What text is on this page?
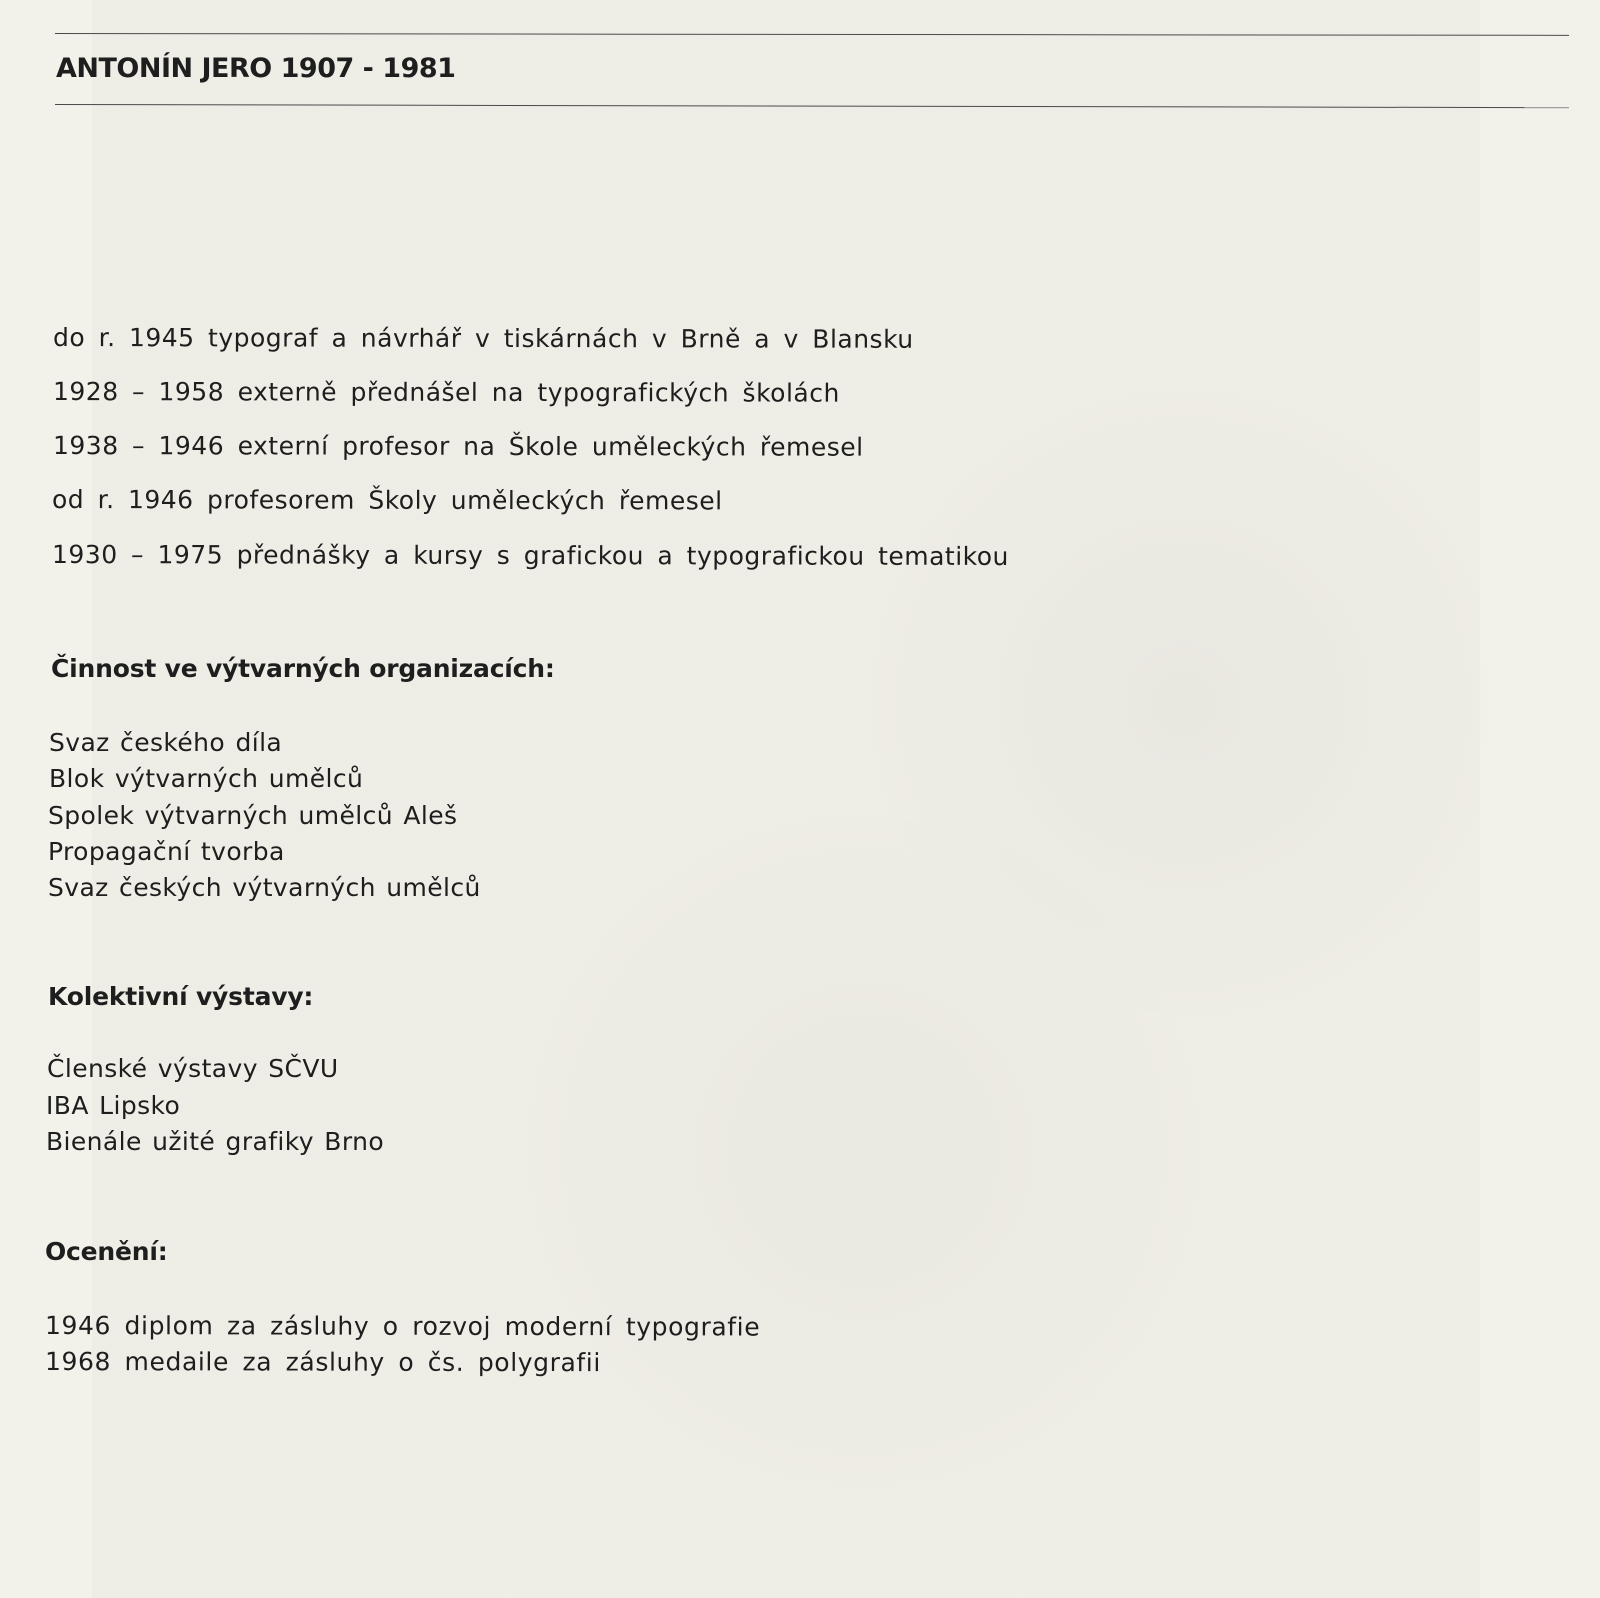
ANTONÍN JERO 1907 - 1981
do r. 1945 typograf a návrhář v tiskárnách v Brně a v Blansku
1928 – 1958 externě přednášel na typografických školách
1938 – 1946 externí profesor na Škole uměleckých řemesel
od r. 1946 profesorem Školy uměleckých řemesel
1930 – 1975 přednášky a kursy s grafickou a typografickou tematikou
Činnost ve výtvarných organizacích:
Svaz českého díla
Blok výtvarných umělců
Spolek výtvarných umělců Aleš
Propagační tvorba
Svaz českých výtvarných umělců
Kolektivní výstavy:
Členské výstavy SČVU
IBA Lipsko
Bienále užité grafiky Brno
Ocenění:
1946 diplom za zásluhy o rozvoj moderní typografie
1968 medaile za zásluhy o čs. polygrafii
